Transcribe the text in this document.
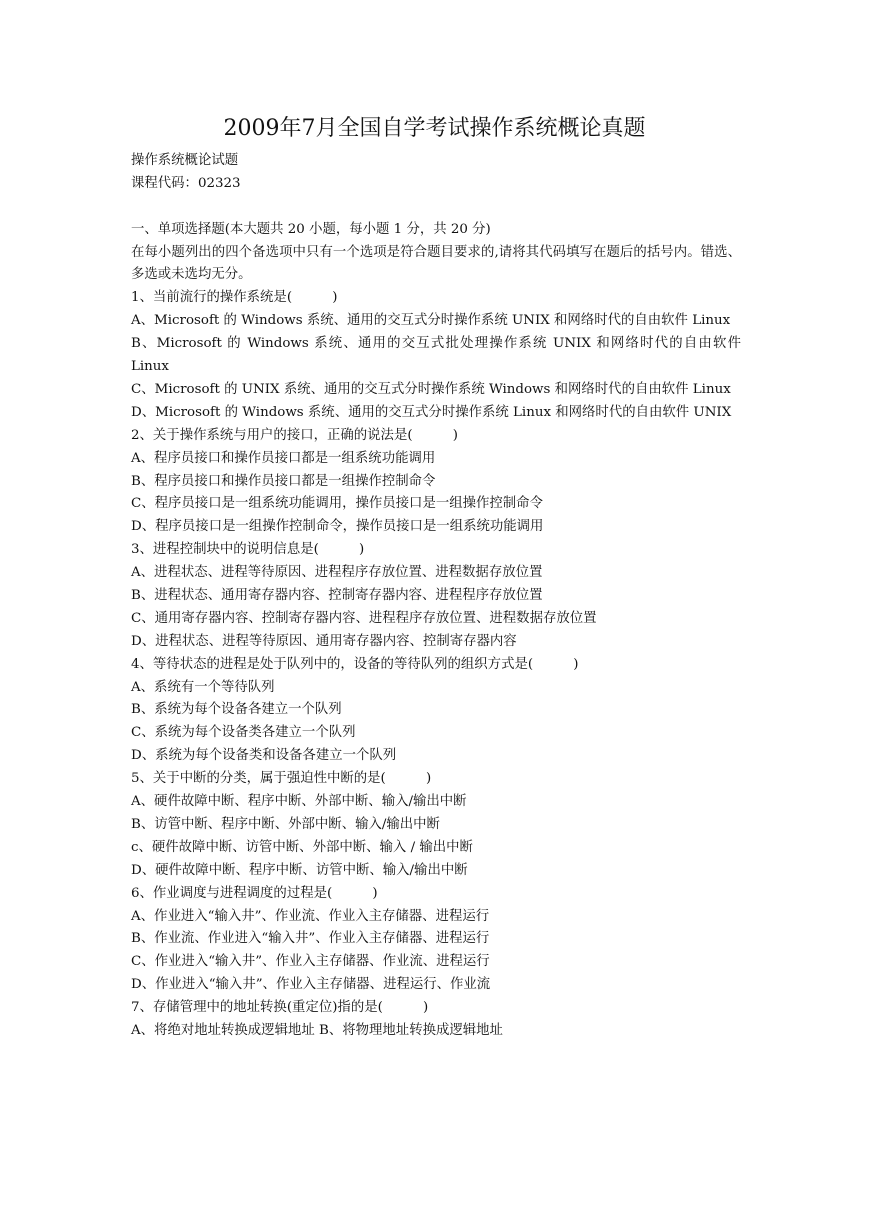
2009年7月全国自学考试操作系统概论真题
操作系统概论试题
课程代码：02323
一、单项选择题(本大题共 20 小题，每小题 1 分，共 20 分)
在每小题列出的四个备选项中只有一个选项是符合题目要求的,请将其代码填写在题后的括号内。错选、多选或未选均无分。
1、当前流行的操作系统是(　　　)
A、Microsoft 的 Windows 系统、通用的交互式分时操作系统 UNIX 和网络时代的自由软件 Linux
B、Microsoft 的 Windows 系统、通用的交互式批处理操作系统 UNIX 和网络时代的自由软件 Linux
C、Microsoft 的 UNIX 系统、通用的交互式分时操作系统 Windows 和网络时代的自由软件 Linux
D、Microsoft 的 Windows 系统、通用的交互式分时操作系统 Linux 和网络时代的自由软件 UNIX
2、关于操作系统与用户的接口，正确的说法是(　　　)
A、程序员接口和操作员接口都是一组系统功能调用
B、程序员接口和操作员接口都是一组操作控制命令
C、程序员接口是一组系统功能调用，操作员接口是一组操作控制命令
D、程序员接口是一组操作控制命令，操作员接口是一组系统功能调用
3、进程控制块中的说明信息是(　　　)
A、进程状态、进程等待原因、进程程序存放位置、进程数据存放位置
B、进程状态、通用寄存器内容、控制寄存器内容、进程程序存放位置
C、通用寄存器内容、控制寄存器内容、进程程序存放位置、进程数据存放位置
D、进程状态、进程等待原因、通用寄存器内容、控制寄存器内容
4、等待状态的进程是处于队列中的，设备的等待队列的组织方式是(　　　)
A、系统有一个等待队列
B、系统为每个设备各建立一个队列
C、系统为每个设备类各建立一个队列
D、系统为每个设备类和设备各建立一个队列
5、关于中断的分类，属于强迫性中断的是(　　　)
A、硬件故障中断、程序中断、外部中断、输入/输出中断
B、访管中断、程序中断、外部中断、输入/输出中断
c、硬件故障中断、访管中断、外部中断、输入 / 输出中断
D、硬件故障中断、程序中断、访管中断、输入/输出中断
6、作业调度与进程调度的过程是(　　　)
A、作业进入“输入井”、作业流、作业入主存储器、进程运行
B、作业流、作业进入“输入井”、作业入主存储器、进程运行
C、作业进入“输入井”、作业入主存储器、作业流、进程运行
D、作业进入“输入井”、作业入主存储器、进程运行、作业流
7、存储管理中的地址转换(重定位)指的是(　　　)
A、将绝对地址转换成逻辑地址 B、将物理地址转换成逻辑地址
